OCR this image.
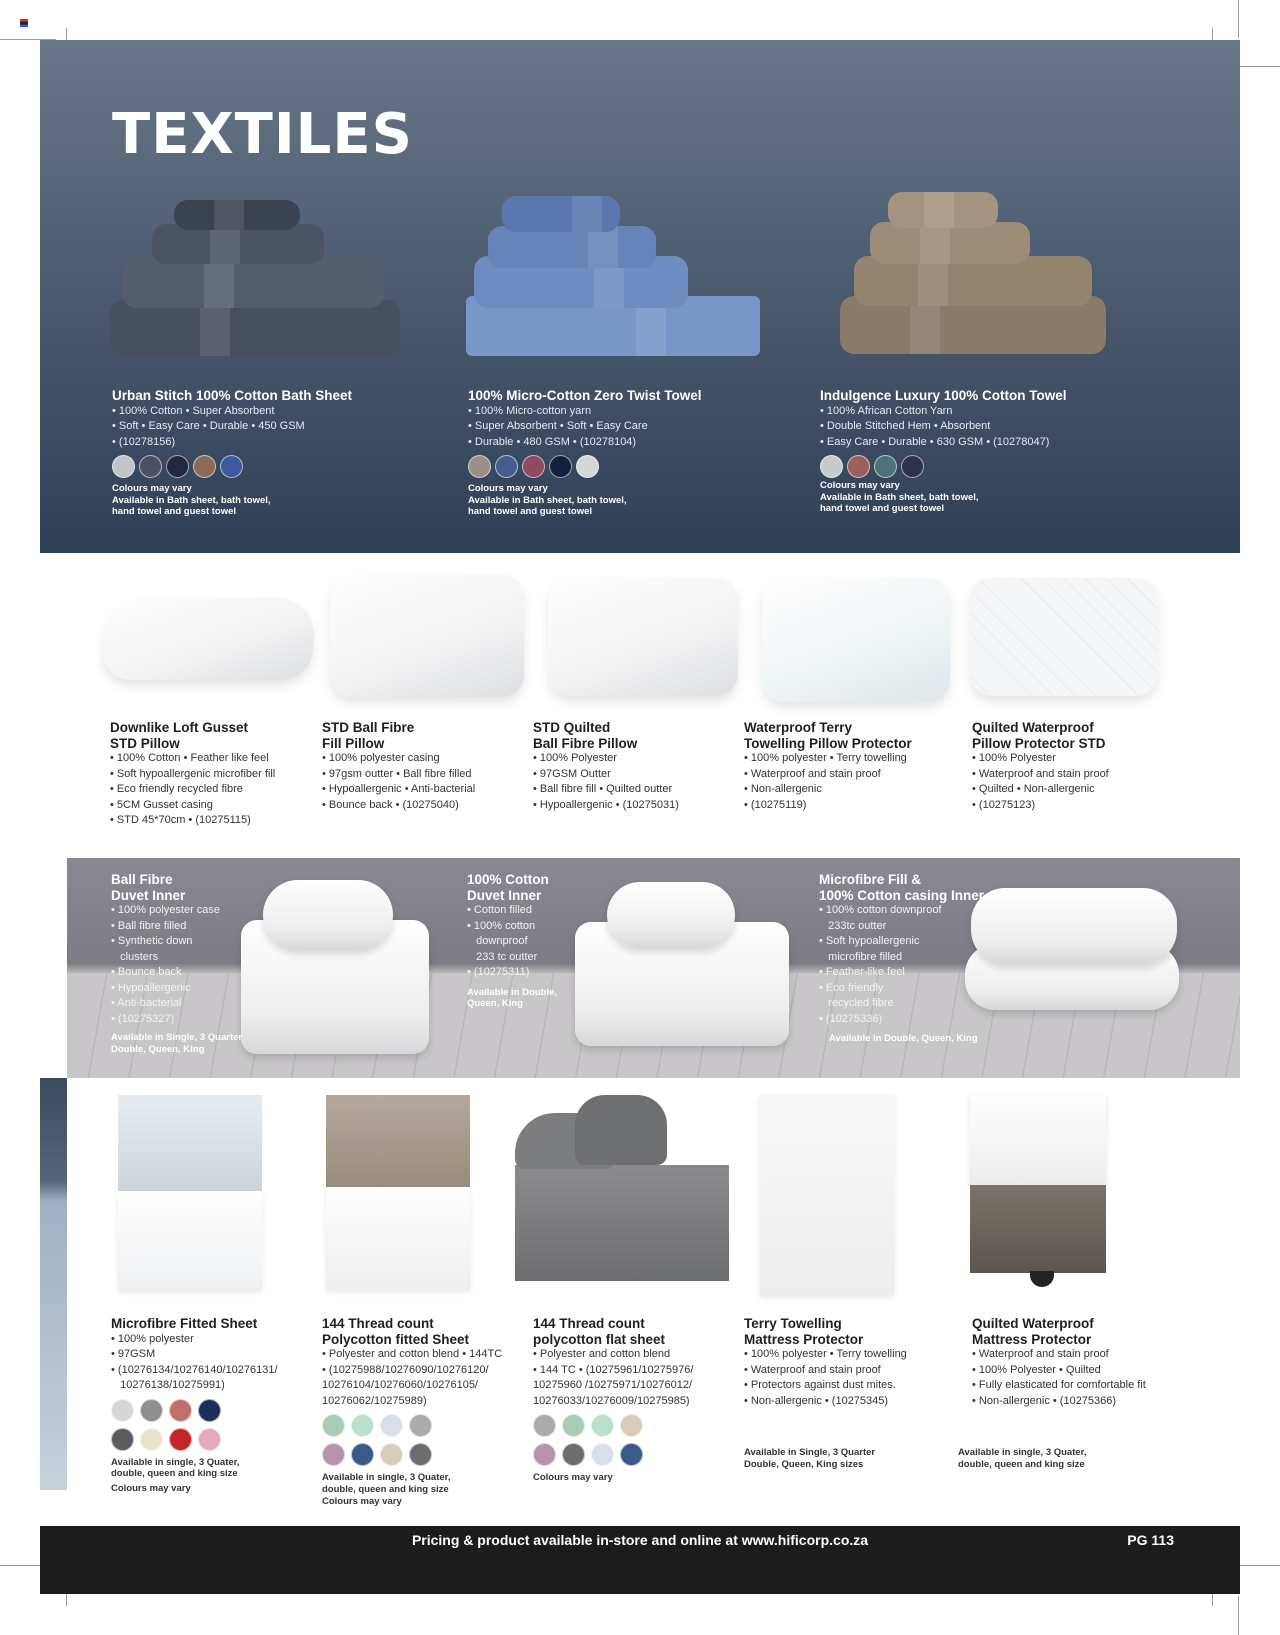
TEXTILES
Urban Stitch 100% Cotton Bath Sheet
• 100% Cotton • Super Absorbent
• Soft • Easy Care • Durable • 450 GSM
• (10278156)
Colours may vary
Available in Bath sheet, bath towel,
hand towel and guest towel
100% Micro-Cotton Zero Twist Towel
• 100% Micro-cotton yarn
• Super Absorbent • Soft • Easy Care
• Durable • 480 GSM • (10278104)
Colours may vary
Available in Bath sheet, bath towel,
hand towel and guest towel
Indulgence Luxury 100% Cotton Towel
• 100% African Cotton Yarn
• Double Stitched Hem • Absorbent
• Easy Care • Durable • 630 GSM • (10278047)
Colours may vary
Available in Bath sheet, bath towel,
hand towel and guest towel
Downlike Loft Gusset
STD Pillow
• 100% Cotton • Feather like feel
• Soft hypoallergenic microfiber fill
• Eco friendly recycled fibre
• 5CM Gusset casing
• STD 45*70cm • (10275115)
STD Ball Fibre
Fill Pillow
• 100% polyester casing
• 97gsm outter • Ball fibre filled
• Hypoallergenic • Anti-bacterial
• Bounce back • (10275040)
STD Quilted
Ball Fibre Pillow
• 100% Polyester
• 97GSM Outter
• Ball fibre fill • Quilted outter
• Hypoallergenic • (10275031)
Waterproof Terry
Towelling Pillow Protector
• 100% polyester • Terry towelling
• Waterproof and stain proof
• Non-allergenic
• (10275119)
Quilted Waterproof
Pillow Protector STD
• 100% Polyester
• Waterproof and stain proof
• Quilted • Non-allergenic
• (10275123)
Ball Fibre
Duvet Inner
• 100% polyester case
• Ball fibre filled
• Synthetic down
clusters
• Bounce back
• Hypoallergenic
• Anti-bacterial
• (10275327)
Available in Single, 3 Quarter
Double, Queen, King
100% Cotton
Duvet Inner
• Cotton filled
• 100% cotton
downproof
233 tc outter
• (10275311)
Available in Double,
Queen, King
Microfibre Fill &
100% Cotton casing Inner
• 100% cotton downproof
233tc outter
• Soft hypoallergenic
microfibre filled
• Feather-like feel
• Eco friendly
recycled fibre
• (10275336)
Available in Double, Queen, King
Microfibre Fitted Sheet
• 100% polyester
• 97GSM
• (10276134/10276140/10276131/
10276138/10275991)
Available in single, 3 Quater,
double, queen and king size
Colours may vary
144 Thread count
Polycotton fitted Sheet
• Polyester and cotton blend • 144TC
• (10275988/10276090/10276120/
10276104/10276060/10276105/
10276062/10275989)
Available in single, 3 Quater,
double, queen and king size
Colours may vary
144 Thread count
polycotton flat sheet
• Polyester and cotton blend
• 144 TC • (10275961/10275976/
10275960 /10275971/10276012/
10276033/10276009/10275985)
Colours may vary
Terry Towelling
Mattress Protector
• 100% polyester • Terry towelling
• Waterproof and stain proof
• Protectors against dust mites.
• Non-allergenic • (10275345)
Available in Single, 3 Quarter
Double, Queen, King sizes
Quilted Waterproof
Mattress Protector
• Waterproof and stain proof
• 100% Polyester • Quilted
• Fully elasticated for comfortable fit
• Non-allergenic • (10275366)
Available in single, 3 Quater,
double, queen and king size
Pricing & product available in-store and online at www.hificorp.co.za	PG 113
